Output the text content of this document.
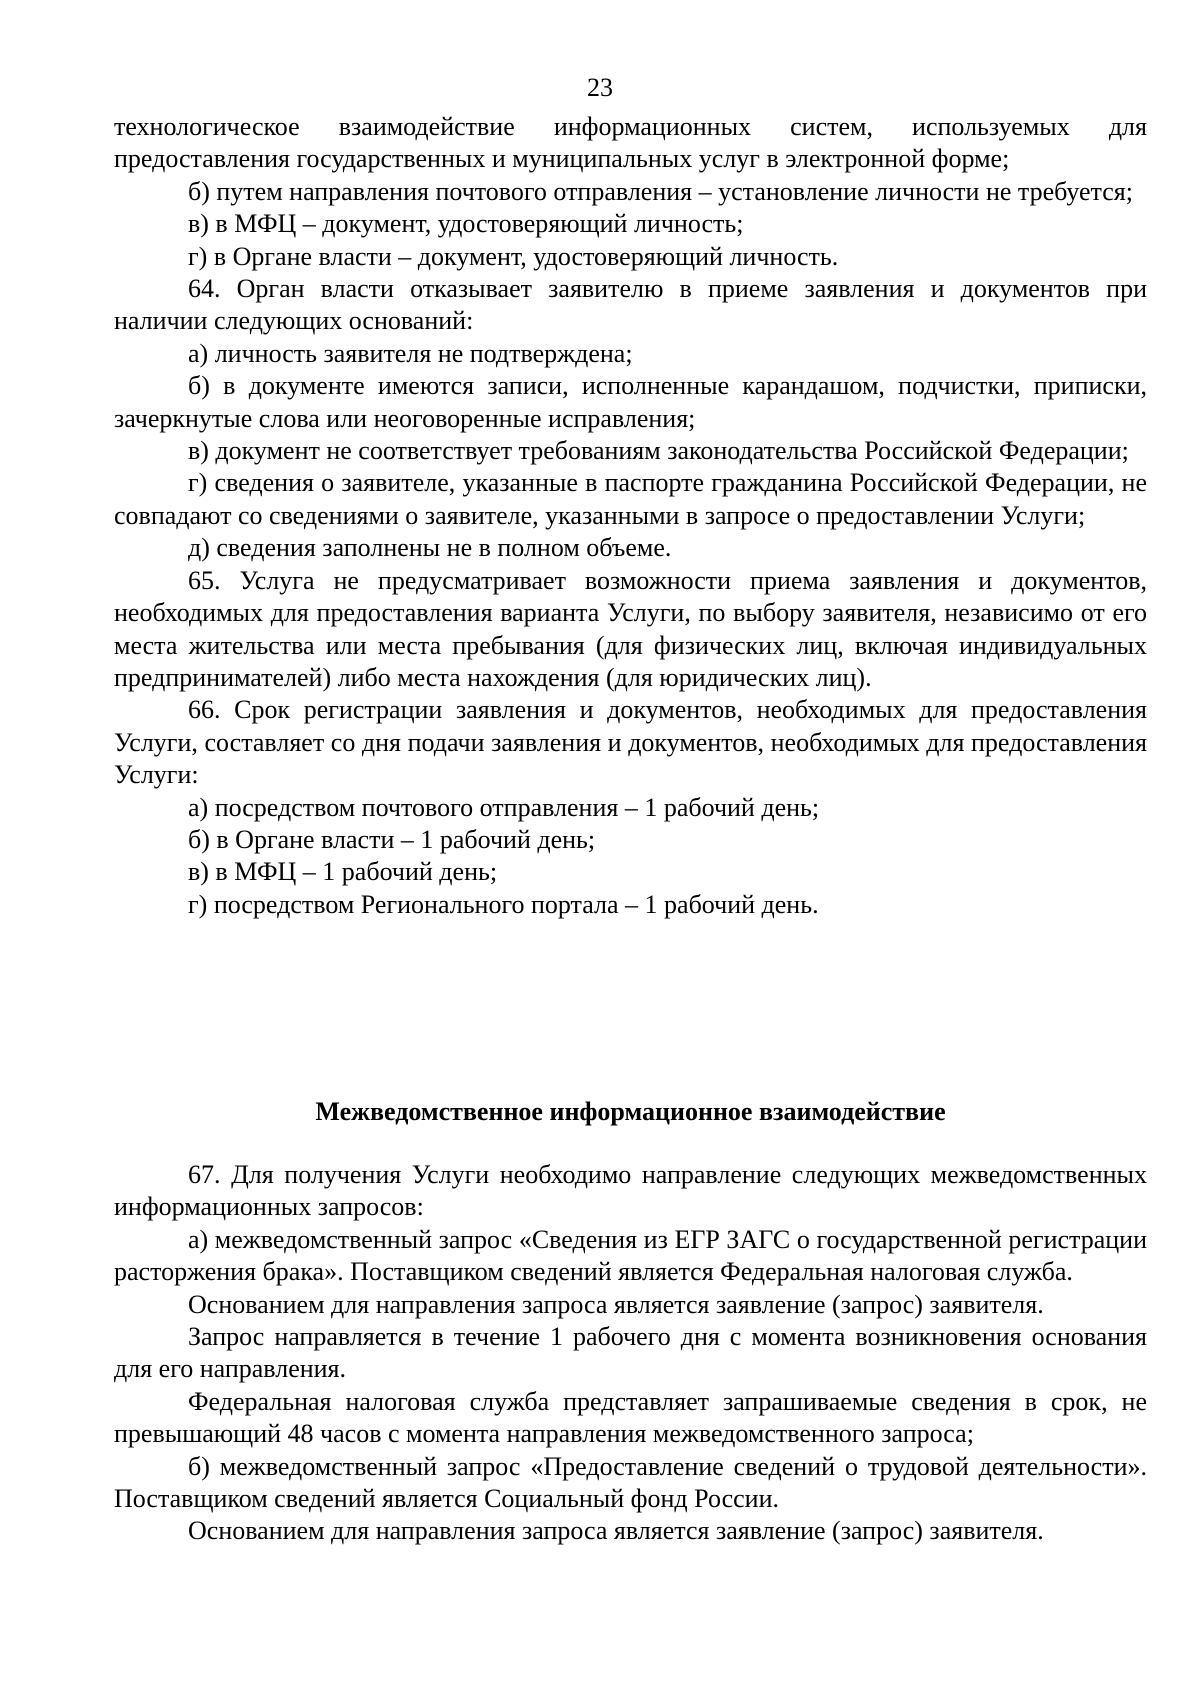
23

технологическое взаимодействие информационных систем, используемых для предоставления государственных и муниципальных услуг в электронной форме;

б) путем направления почтового отправления – установление личности не требуется;

в) в МФЦ – документ, удостоверяющий личность;

г) в Органе власти – документ, удостоверяющий личность.

64. Орган власти отказывает заявителю в приеме заявления и документов при наличии следующих оснований:

а) личность заявителя не подтверждена;

б) в документе имеются записи, исполненные карандашом, подчистки, приписки, зачеркнутые слова или неоговоренные исправления;

в) документ не соответствует требованиям законодательства Российской Федерации;

г) сведения о заявителе, указанные в паспорте гражданина Российской Федерации, не совпадают со сведениями о заявителе, указанными в запросе о предоставлении Услуги;

д) сведения заполнены не в полном объеме.

65. Услуга не предусматривает возможности приема заявления и документов, необходимых для предоставления варианта Услуги, по выбору заявителя, независимо от его места жительства или места пребывания (для физических лиц, включая индивидуальных предпринимателей) либо места нахождения (для юридических лиц).

66. Срок регистрации заявления и документов, необходимых для предоставления Услуги, составляет со дня подачи заявления и документов, необходимых для предоставления Услуги:

а) посредством почтового отправления – 1 рабочий день;

б) в Органе власти – 1 рабочий день;

в) в МФЦ – 1 рабочий день;

г) посредством Регионального портала – 1 рабочий день.

Межведомственное информационное взаимодействие

67. Для получения Услуги необходимо направление следующих межведомственных информационных запросов:

а) межведомственный запрос «Сведения из ЕГР ЗАГС о государственной регистрации расторжения брака». Поставщиком сведений является Федеральная налоговая служба.

Основанием для направления запроса является заявление (запрос) заявителя.

Запрос направляется в течение 1 рабочего дня с момента возникновения основания для его направления.

Федеральная налоговая служба представляет запрашиваемые сведения в срок, не превышающий 48 часов с момента направления межведомственного запроса;

б) межведомственный запрос «Предоставление сведений о трудовой деятельности». Поставщиком сведений является Социальный фонд России.

Основанием для направления запроса является заявление (запрос) заявителя.
